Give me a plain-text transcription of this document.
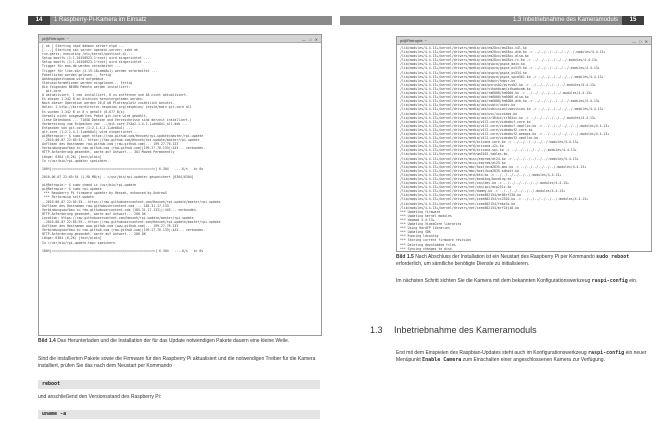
14	1 Raspberry-Pi-Kamera im Einsatz	1.3 Inbetriebnahme des Kameramoduls	15
pi@Retropie: ~	— □ ✕
[ ok ] Starting ntpd daemon server ntpd ...
[....] Starting ssh server openssh-server: sshd ok
run-parts: executing /etc/kernel/postinst.d/...
Setup bootfs (1:1.20150923-1~nrpt) wird eingerichtet ...
Setup bootfs (1:1.20150923-1~nrpt) wird eingerichtet ...
Trigger für man-db werden verarbeitet ...
Trigger für libc-bin (2.19-18+deb8u1) werden verarbeitet ...
Paketlisten werden gelesen... Fertig
Abhängigkeitsbaum wird aufgebaut.
Statusinformationen werden eingelesen... Fertig
Die folgenden NEUEN Pakete werden installiert:
git-core
0 aktualisiert, 1 neu installiert, 0 zu entfernen und 48 nicht aktualisiert.
Es müssen 1.342 B an Archiven heruntergeladen werden.
Nach dieser Operation werden 26,6 kB Plattenplatz zusätzlich benutzt.
Holen: 1 http://mirrordirector.raspbian.org/raspbian/ jessie/main git-core all
Es wurden 1.342 B in 0 s geholt (8.677 B/s).
Vormals nicht ausgewähltes Paket git-core wird gewählt.
(Lese Datenbank ... 71658 Dateien und Verzeichnisse sind derzeit installiert.)
Vorbereitung zum Entpacken von .../git-core_1%3a2.1.4-2.1+deb8u1_all.deb ...
Entpacken von git-core (1:2.1.4-2.1+deb8u1) ...
git-core (1:2.1.4-2.1+deb8u1) wird eingerichtet ...
pi@Retropie:~ $ sudo wget https://raw.github.com/Hexxeh/rpi-update/master/rpi-update
--2016-06-07 22:05:53-- https://raw.github.com/Hexxeh/rpi-update/master/rpi-update
Auflösen des Hostnamen raw.github.com (raw.github.com)... 199.27.76.133
Verbindungsaufbau zu raw.github.com (raw.github.com)|199.27.76.133|:443... verbunden.
HTTP-Anforderung gesendet, warte auf Antwort... 301 Moved Permanently
Länge: 6304 (6,2K) [text/plain]
In »/usr/bin/rpi-update« speichern.

100%[=====================================================>] 6.304   --.-K/s   in 0s

2016-06-07 22:05:54 (1,98 MB/s) - »/usr/bin/rpi-update« gespeichert [6304/6304]

pi@Retropie:~ $ sudo chmod +x /usr/bin/rpi-update
pi@Retropie:~ $ sudo rpi-update
*** Raspberry Pi firmware updater by Hexxeh, enhanced by AndrewS
*** Performing self-update
--2016-06-07 22:05:55-- https://raw.githubusercontent.com/Hexxeh/rpi-update/master/rpi-update
Auflösen des Hostnamen raw.githubusercontent.com ... 185.31.17.133
Verbindungsaufbau zu raw.githubusercontent.com (185.31.17.133)|:443... verbunden.
HTTP-Anforderung gesendet, warte auf Antwort... 200 OK
Location: https://raw.githubusercontent.com/Hexxeh/rpi-update/master/rpi-update
--2016-06-07 22:05:55-- https://raw.githubusercontent.com/Hexxeh/rpi-update/master/rpi-update
Auflösen des Hostnamen www.github.com (www.github.com)... 199.27.76.133
Verbindungsaufbau zu raw.github.com (raw.github.com)|199.27.76.133|:443... verbunden.
HTTP-Anforderung gesendet, warte auf Antwort... 200 OK
Länge: 6304 (6,2K) [text/plain]
In »/usr/bin/rpi-update.tmp« speichern.

100%[=====================================================>] 6.304   --.-K/s   in 0s
Bild 1.4 Das Herunterladen und die Installation der für das Update notwendigen Pakete dauern eine kleine Weile.
Sind die installierten Pakete sowie die Firmware für den Raspberry Pi aktualisiert und die notwendigen Treiber für die Kamera installiert, prüfen Sie das nach dem Neustart per Kommando
reboot
und anschließend den Versionsstand des Raspberry Pi:
uname -a
pi@Retropie: ~	— □ ✕
/lib/modules/4.4.13+/kernel/drivers/media/usb/em28xx/em28xx-v4l.ko
/lib/modules/4.4.13+/kernel/drivers/media/usb/em28xx/em28xx-dvb.ko -> ../../../../../../../.modules/4.4.13+
/lib/modules/4.4.13+/kernel/drivers/media/usb/em28xx/em28xx-alsa.ko
/lib/modules/4.4.13+/kernel/drivers/media/usb/em28xx/em28xx-rc.ko -> ../../../../../../.modules/4.4.13+
/lib/modules/4.4.13+/kernel/drivers/media/usb/gspca/gspca_main.ko
/lib/modules/4.4.13+/kernel/drivers/media/usb/gspca/gspca_ov519.ko -> ../../../../../../.modules/4.4.13+
/lib/modules/4.4.13+/kernel/drivers/media/usb/gspca/gspca_ov534.ko
/lib/modules/4.4.13+/kernel/drivers/media/usb/gspca/gspca_spca561.ko -> ../../../../../../.modules/4.4.13+
/lib/modules/4.4.13+/kernel/drivers/media/usb/hdpvr/hdpvr.ko
/lib/modules/4.4.13+/kernel/drivers/media/usb/pvrusb2/pvrusb2.ko -> ../../../../../../.modules/4.4.13+
/lib/modules/4.4.13+/kernel/drivers/media/usb/stkwebcam/stkwebcam.ko
/lib/modules/4.4.13+/kernel/drivers/media/usb/tm6000/tm6000.ko -> ../../../../../../.modules/4.4.13+
/lib/modules/4.4.13+/kernel/drivers/media/usb/tm6000/tm6000-alsa.ko
/lib/modules/4.4.13+/kernel/drivers/media/usb/tm6000/tm6000-dvb.ko -> ../../../../../../.modules/4.4.13+
/lib/modules/4.4.13+/kernel/drivers/media/usb/usbtv/usbtv.ko
/lib/modules/4.4.13+/kernel/drivers/media/usb/usbvision/usbvision.ko -> ../../../../../../.modules/4.4.13+
/lib/modules/4.4.13+/kernel/drivers/media/usb/uvc/uvcvideo.ko
/lib/modules/4.4.13+/kernel/drivers/media/usb/zr364xx/zr364xx.ko -> ../../../../../../.modules/4.4.13+
/lib/modules/4.4.13+/kernel/drivers/media/v4l2-core/videobuf-core.ko
/lib/modules/4.4.13+/kernel/drivers/media/v4l2-core/videobuf-vmalloc.ko -> ../../../../../../.modules/4.4.13+
/lib/modules/4.4.13+/kernel/drivers/media/v4l2-core/videobuf2-core.ko
/lib/modules/4.4.13+/kernel/drivers/media/v4l2-core/videobuf2-memops.ko -> ../../../../../../.modules/4.4.13+
/lib/modules/4.4.13+/kernel/drivers/media/v4l2-core/videobuf2-vmalloc.ko
/lib/modules/4.4.13+/kernel/drivers/mfd/arizona-core.ko -> ../../../../../../.modules/4.4.13+
/lib/modules/4.4.13+/kernel/drivers/mfd/arizona-i2c.ko
/lib/modules/4.4.13+/kernel/drivers/mfd/arizona-spi.ko -> ../../../../../../.modules/4.4.13+
/lib/modules/4.4.13+/kernel/drivers/mfd/wm5102-tables.ko
/lib/modules/4.4.13+/kernel/drivers/misc/eeprom/at24.ko -> ../../../../../../.modules/4.4.13+
/lib/modules/4.4.13+/kernel/drivers/misc/eeprom/at25.ko
/lib/modules/4.4.13+/kernel/drivers/mmc/host/bcm2835-mmc.ko -> ../../../../../../.modules/4.4.13+
/lib/modules/4.4.13+/kernel/drivers/mmc/host/bcm2835-sdhost.ko
/lib/modules/4.4.13+/kernel/drivers/mtd/mtd.ko -> ../../../../../../.modules/4.4.13+
/lib/modules/4.4.13+/kernel/drivers/net/bonding/bonding.ko
/lib/modules/4.4.13+/kernel/drivers/net/can/dev.ko -> ../../../../../../.modules/4.4.13+
/lib/modules/4.4.13+/kernel/drivers/net/can/spi/mcp251x.ko
/lib/modules/4.4.13+/kernel/drivers/net/dummy.ko -> ../../../../../../.modules/4.4.13+
/lib/modules/4.4.13+/kernel/drivers/net/ieee802154/at86rf230.ko
/lib/modules/4.4.13+/kernel/drivers/net/ieee802154/cc2520.ko -> ../../../../../../.modules/4.4.13+
/lib/modules/4.4.13+/kernel/drivers/net/ieee802154/fakelb.ko
/lib/modules/4.4.13+/kernel/drivers/net/ieee802154/mrf24j40.ko
*** Updating firmware
*** Updating kernel modules
*** depmod 4.4.13+
*** Updating VideoCore libraries
*** Using HardFP libraries
*** Updating SDK
*** Running ldconfig
*** Storing current firmware revision
*** Deleting downloaded files
*** Syncing changes to disk
Bild 1.5 Nach Abschluss der Installation ist ein Neustart des Raspberry Pi per Kommando sudo reboot erforderlich, um sämtliche benötigte Dienste zu initialisieren.
Im nächsten Schritt sichten Sie die Kamera mit dem bekannten Konfigurationswerkzeug raspi-config ein.
1.3 Inbetriebnahme des Kameramoduls
Erst mit dem Einspielen des Raspbian-Updates steht auch im Konfigurationswerkzeug raspi-config ein neuer Menüpunkt Enable Camera zum Einschalten einer angeschlossenen Kamera zur Verfügung.
